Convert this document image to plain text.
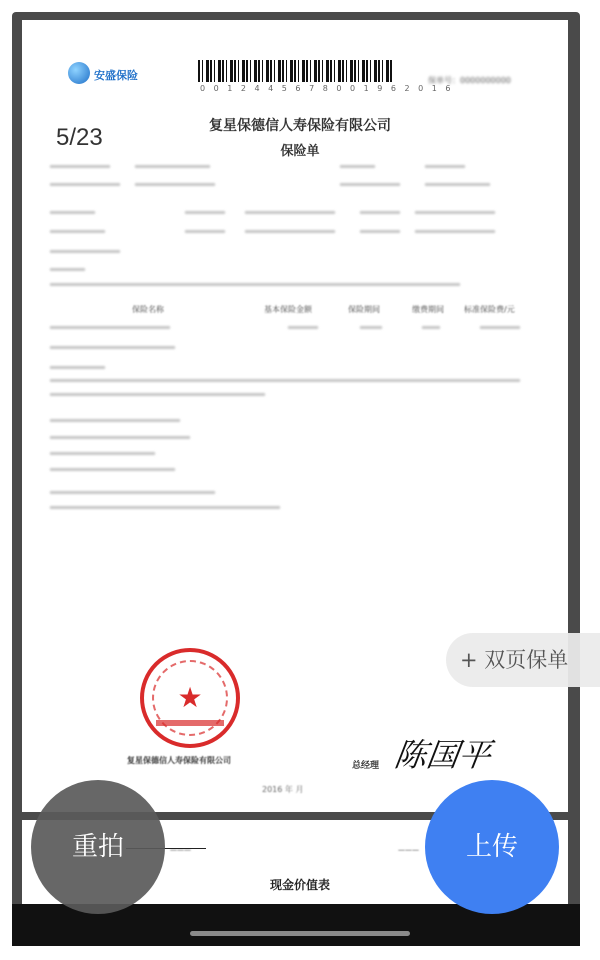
安盛保险
0 0 1 2 4 4 5 6 7 8 0 0 1 9 6 2 0 1 6
保单号：0000000000
复星保德信人寿保险有限公司
保险单
5/23
保险名称	基本保险金额	保险期间	缴费期间	标准保险费/元
★
复星保德信人寿保险有限公司
总经理 陈国平
2016 年 月
———	———
现金价值表
+ 双页保单
重拍	上传
